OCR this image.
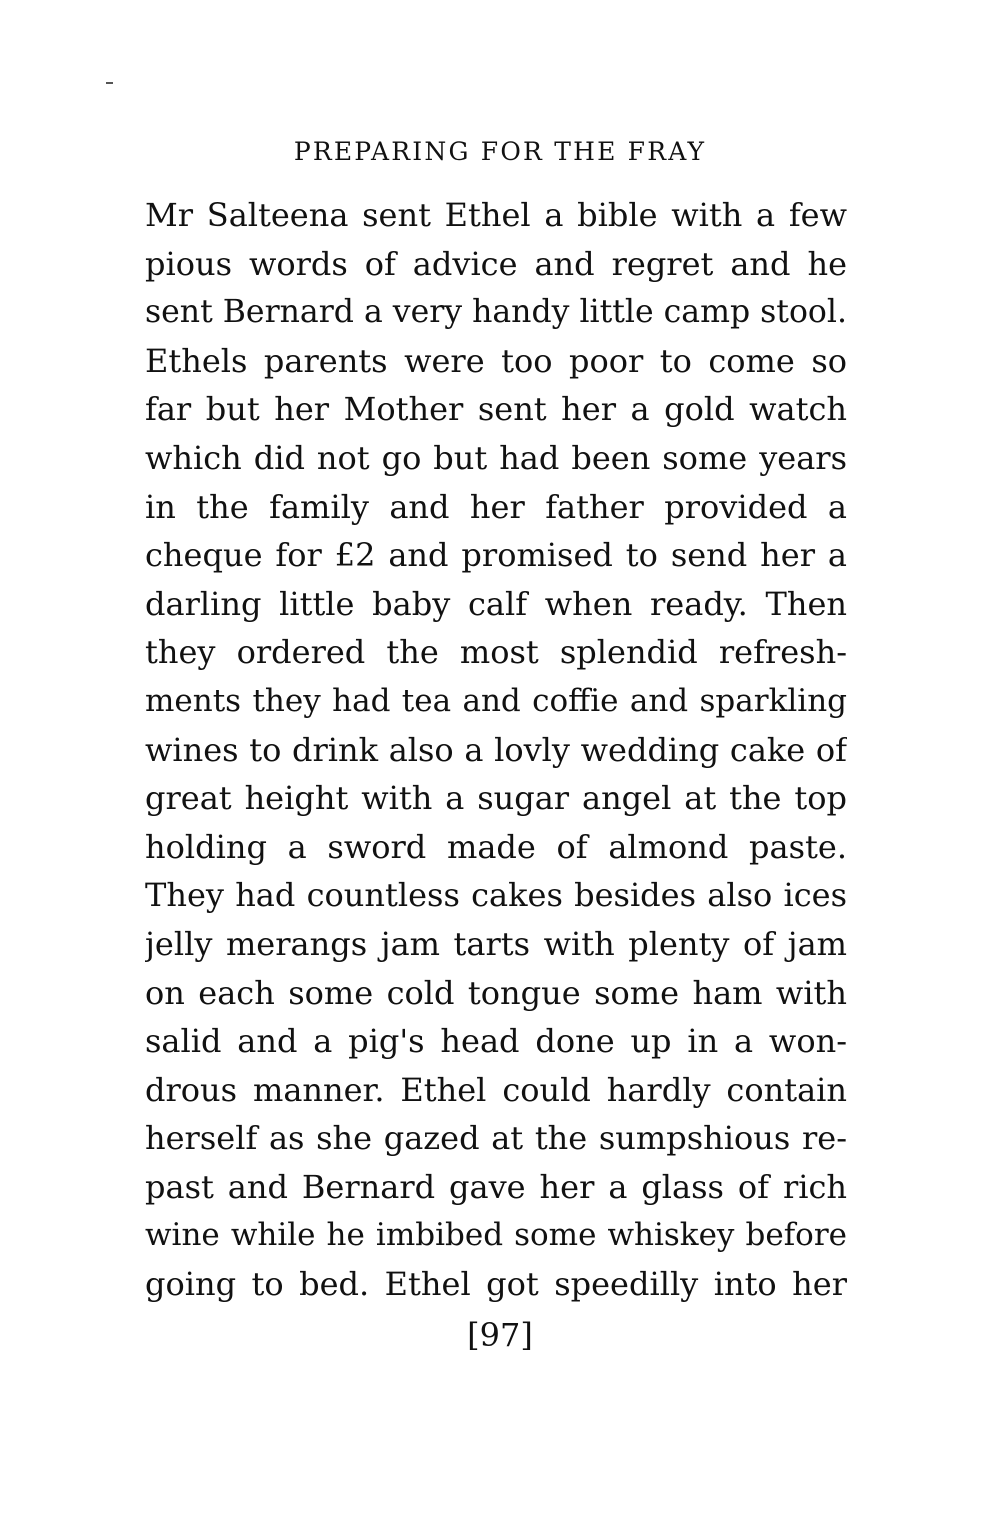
PREPARING FOR THE FRAY
Mr Salteena sent Ethel a bible with a few
pious words of advice and regret and he
sent Bernard a very handy little camp stool.
Ethels parents were too poor to come so
far but her Mother sent her a gold watch
which did not go but had been some years
in the family and her father provided a
cheque for £2 and promised to send her a
darling little baby calf when ready. Then
they ordered the most splendid refresh-
ments they had tea and coffie and sparkling
wines to drink also a lovly wedding cake of
great height with a sugar angel at the top
holding a sword made of almond paste.
They had countless cakes besides also ices
jelly merangs jam tarts with plenty of jam
on each some cold tongue some ham with
salid and a pig's head done up in a won-
drous manner. Ethel could hardly contain
herself as she gazed at the sumpshious re-
past and Bernard gave her a glass of rich
wine while he imbibed some whiskey before
going to bed. Ethel got speedilly into her
[97]
